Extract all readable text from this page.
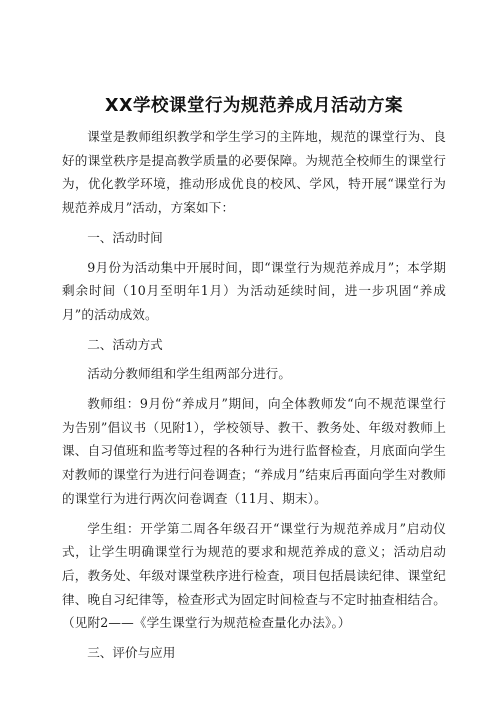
XX学校课堂行为规范养成月活动方案

课堂是教师组织教学和学生学习的主阵地，规范的课堂行为、良好的课堂秩序是提高教学质量的必要保障。为规范全校师生的课堂行为，优化教学环境，推动形成优良的校风、学风，特开展“课堂行为规范养成月”活动，方案如下：

一、活动时间

9月份为活动集中开展时间，即“课堂行为规范养成月”；本学期剩余时间（10月至明年1月）为活动延续时间，进一步巩固“养成月”的活动成效。

二、活动方式

活动分教师组和学生组两部分进行。

教师组：9月份“养成月”期间，向全体教师发“向不规范课堂行为告别”倡议书（见附1），学校领导、教干、教务处、年级对教师上课、自习值班和监考等过程的各种行为进行监督检查，月底面向学生对教师的课堂行为进行问卷调查；“养成月”结束后再面向学生对教师的课堂行为进行两次问卷调查（11月、期末）。

学生组：开学第二周各年级召开“课堂行为规范养成月”启动仪式，让学生明确课堂行为规范的要求和规范养成的意义；活动启动后，教务处、年级对课堂秩序进行检查，项目包括晨读纪律、课堂纪律、晚自习纪律等，检查形式为固定时间检查与不定时抽查相结合。（见附2——《学生课堂行为规范检查量化办法》。）

三、评价与应用
